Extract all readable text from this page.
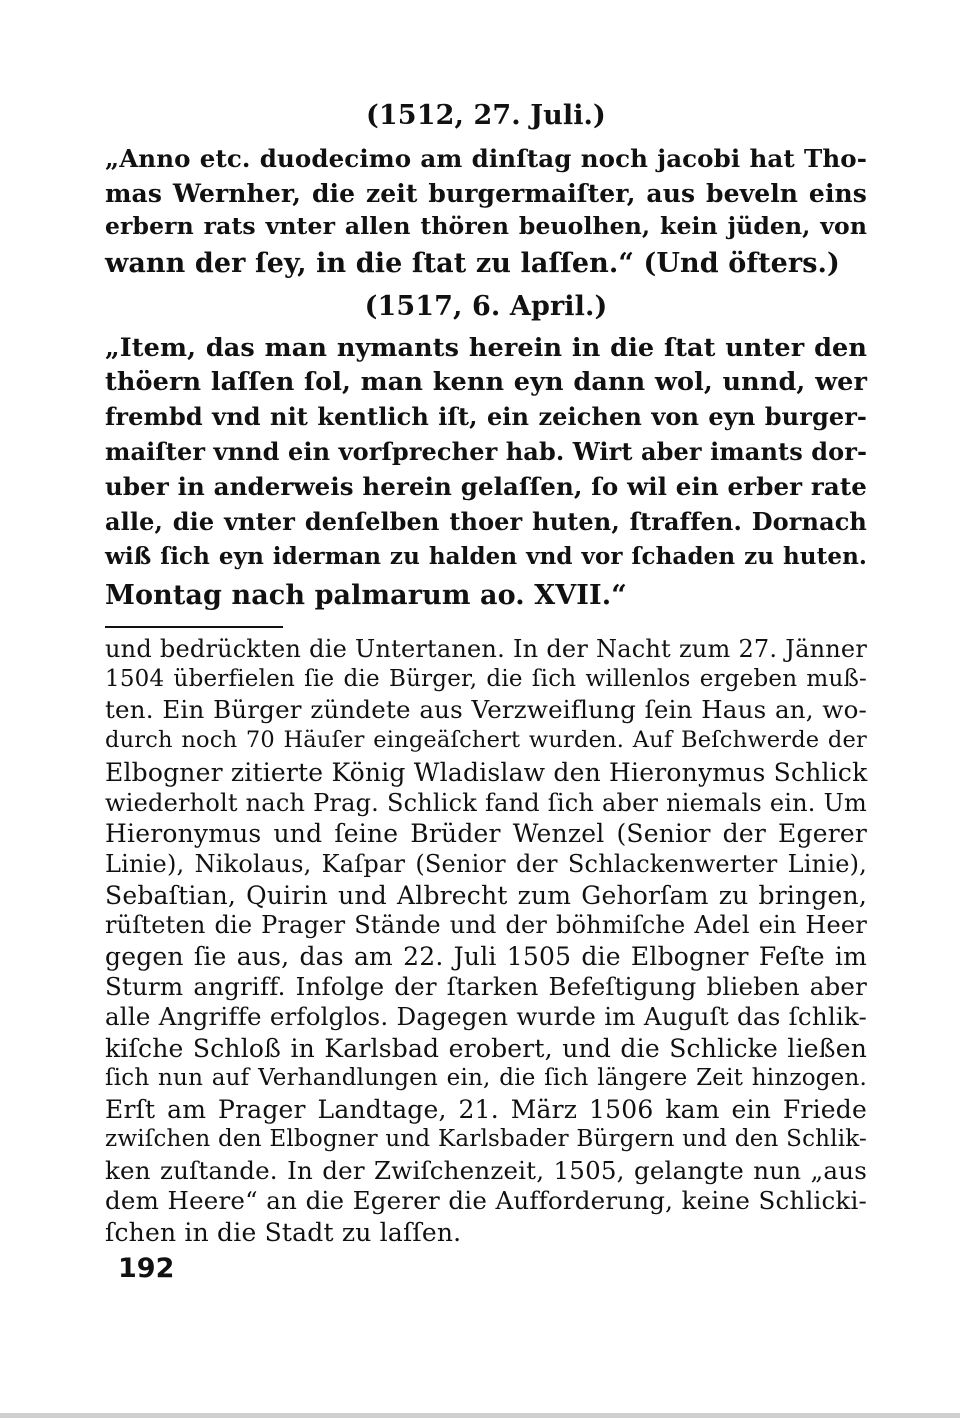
(1512, 27. Juli.)

„Anno etc. duodecimo am dinſtag noch jacobi hat Tho-

mas Wernher, die zeit burgermaiſter, aus beveln eins

erbern rats vnter allen thören beuolhen, kein jüden, von

wann der ſey, in die ſtat zu laſſen.“ (Und öfters.)

(1517, 6. April.)

„Item, das man nymants herein in die ſtat unter den

thöern laſſen ſol, man kenn eyn dann wol, unnd, wer

frembd vnd nit kentlich iſt, ein zeichen von eyn burger-

maiſter vnnd ein vorſprecher hab. Wirt aber imants dor-

uber in anderweis herein gelaſſen, ſo wil ein erber rate

alle, die vnter denſelben thoer huten, ſtraffen. Dornach

wiß ſich eyn iderman zu halden vnd vor ſchaden zu huten.

Montag nach palmarum ao. XVII.“

und bedrückten die Untertanen. In der Nacht zum 27. Jänner

1504 überfielen ſie die Bürger, die ſich willenlos ergeben muß-

ten. Ein Bürger zündete aus Verzweiflung ſein Haus an, wo-

durch noch 70 Häuſer eingeäſchert wurden. Auf Beſchwerde der

Elbogner zitierte König Wladislaw den Hieronymus Schlick

wiederholt nach Prag. Schlick fand ſich aber niemals ein. Um

Hieronymus und ſeine Brüder Wenzel (Senior der Egerer

Linie), Nikolaus, Kaſpar (Senior der Schlackenwerter Linie),

Sebaſtian, Quirin und Albrecht zum Gehorſam zu bringen,

rüſteten die Prager Stände und der böhmiſche Adel ein Heer

gegen ſie aus, das am 22. Juli 1505 die Elbogner Feſte im

Sturm angriff. Infolge der ſtarken Befeſtigung blieben aber

alle Angriffe erfolglos. Dagegen wurde im Auguſt das ſchlik-

kiſche Schloß in Karlsbad erobert, und die Schlicke ließen

ſich nun auf Verhandlungen ein, die ſich längere Zeit hinzogen.

Erſt am Prager Landtage, 21. März 1506 kam ein Friede

zwiſchen den Elbogner und Karlsbader Bürgern und den Schlik-

ken zuſtande. In der Zwiſchenzeit, 1505, gelangte nun „aus

dem Heere“ an die Egerer die Aufforderung, keine Schlicki-

ſchen in die Stadt zu laſſen.

192
